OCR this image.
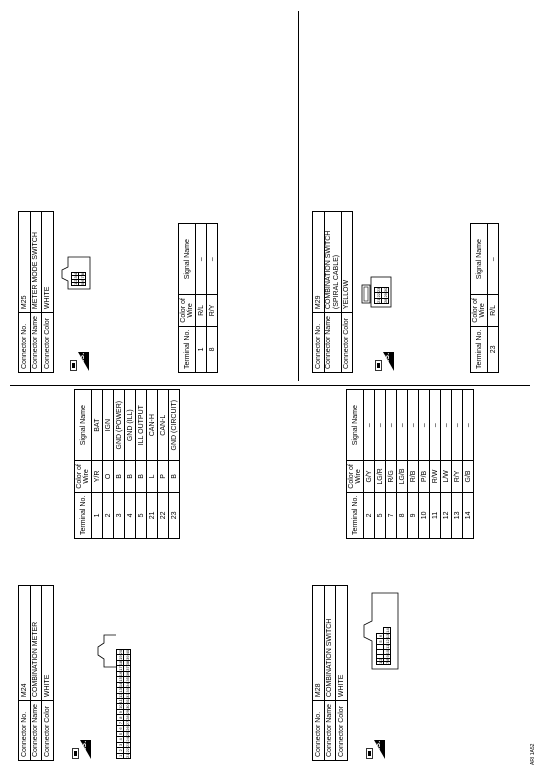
Connector No.	M24
Connector Name	COMBINATION METER
Connector Color	WHITE
H.S.
1	2	3	4	5	6	7	8	9	10	11	12	13	14	15	16	17	18	19	20
21	22	23	24	25	26	27	28	29	30	31	32	33	34	35	36	37	38	39	40
Terminal No.	Color of
Wire	Signal Name
1	Y/R	BAT
2	O	IGN
3	B	GND (POWER)
4	B	GND (ILL)
5	B	ILL OUTPUT
21	L	CAN-H
22	P	CAN-L
23	B	GND (CIRCUIT)
Connector No.	M25
Connector Name	METER MODE SWITCH
Connector Color	WHITE
H.S.
1	2	3	4
5	6	7	8
Terminal No.	Color of
Wire	Signal Name
1	R/L	–
8	R/Y	–
Connector No.	M28
Connector Name	COMBINATION SWITCH
Connector Color	WHITE
H.S.
1	2				5	6	
7	8	9	10	11	12	13	14
Terminal No.	Color of
Wire	Signal Name
2	G/Y	–
5	LG/R	–
7	R/G	–
8	LG/B	–
9	R/B	–
10	P/B	–
11	R/W	–
12	L/W	–
13	R/Y	–
14	G/B	–
Connector No.	M29
Connector Name	COMBINATION SWITCH
(SPIRAL CABLE)
Connector Color	YELLOW
H.S.
21	22	23
28	29	30
Terminal No.	Color of
Wire	Signal Name
23	R/L	–
ARI 1A52
